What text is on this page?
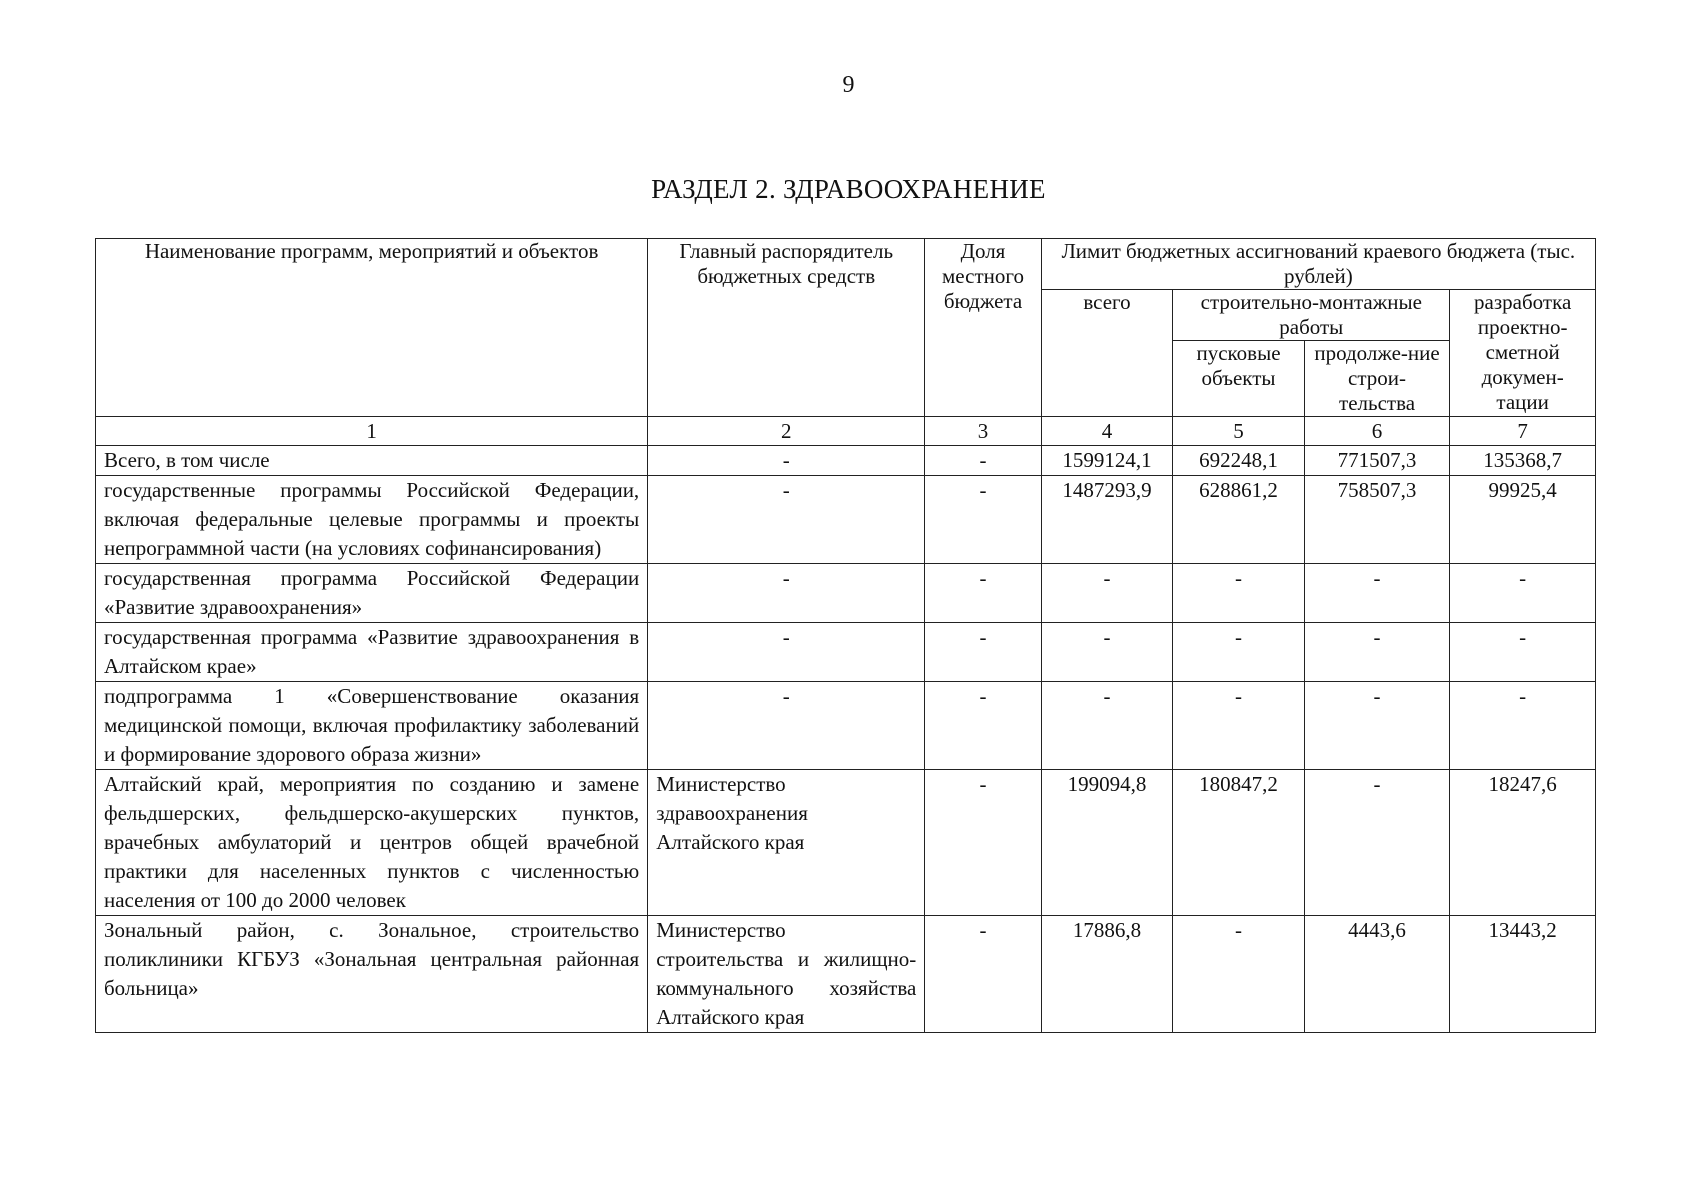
9
РАЗДЕЛ 2. ЗДРАВООХРАНЕНИЕ
Наименование программ, мероприятий и объектов	Главный распорядитель бюджетных средств	Доля местного бюджета	Лимит бюджетных ассигнований краевого бюджета (тыс. рублей)			
			всего	строительно-монтажные работы		разработка проектно-сметной докумен-тации
				пусковые объекты	продолже-ние строи-тельства	
1	2	3	4	5	6	7
Всего, в том числе	-	-	1599124,1	692248,1	771507,3	135368,7
государственные программы Российской Федерации, включая федеральные целевые программы и проекты непрограммной части (на условиях софинансирования)	-	-	1487293,9	628861,2	758507,3	99925,4
государственная программа Российской Федерации «Развитие здравоохранения»	-	-	-	-	-	-
государственная программа «Развитие здравоохранения в Алтайском крае»	-	-	-	-	-	-
подпрограмма 1 «Совершенствование оказания медицинской помощи, включая профилактику заболеваний и формирование здорового образа жизни»	-	-	-	-	-	-
Алтайский край, мероприятия по созданию и замене фельдшерских, фельдшерско-акушерских пунктов, врачебных амбулаторий и центров общей врачебной практики для населенных пунктов с численностью населения от 100 до 2000 человек	Министерство здравоохранения Алтайского края	-	199094,8	180847,2	-	18247,6
Зональный район, с. Зональное, строительство поликлиники КГБУЗ «Зональная центральная районная больница»	Министерство строительства и жилищно-коммунального хозяйства Алтайского края	-	17886,8	-	4443,6	13443,2
